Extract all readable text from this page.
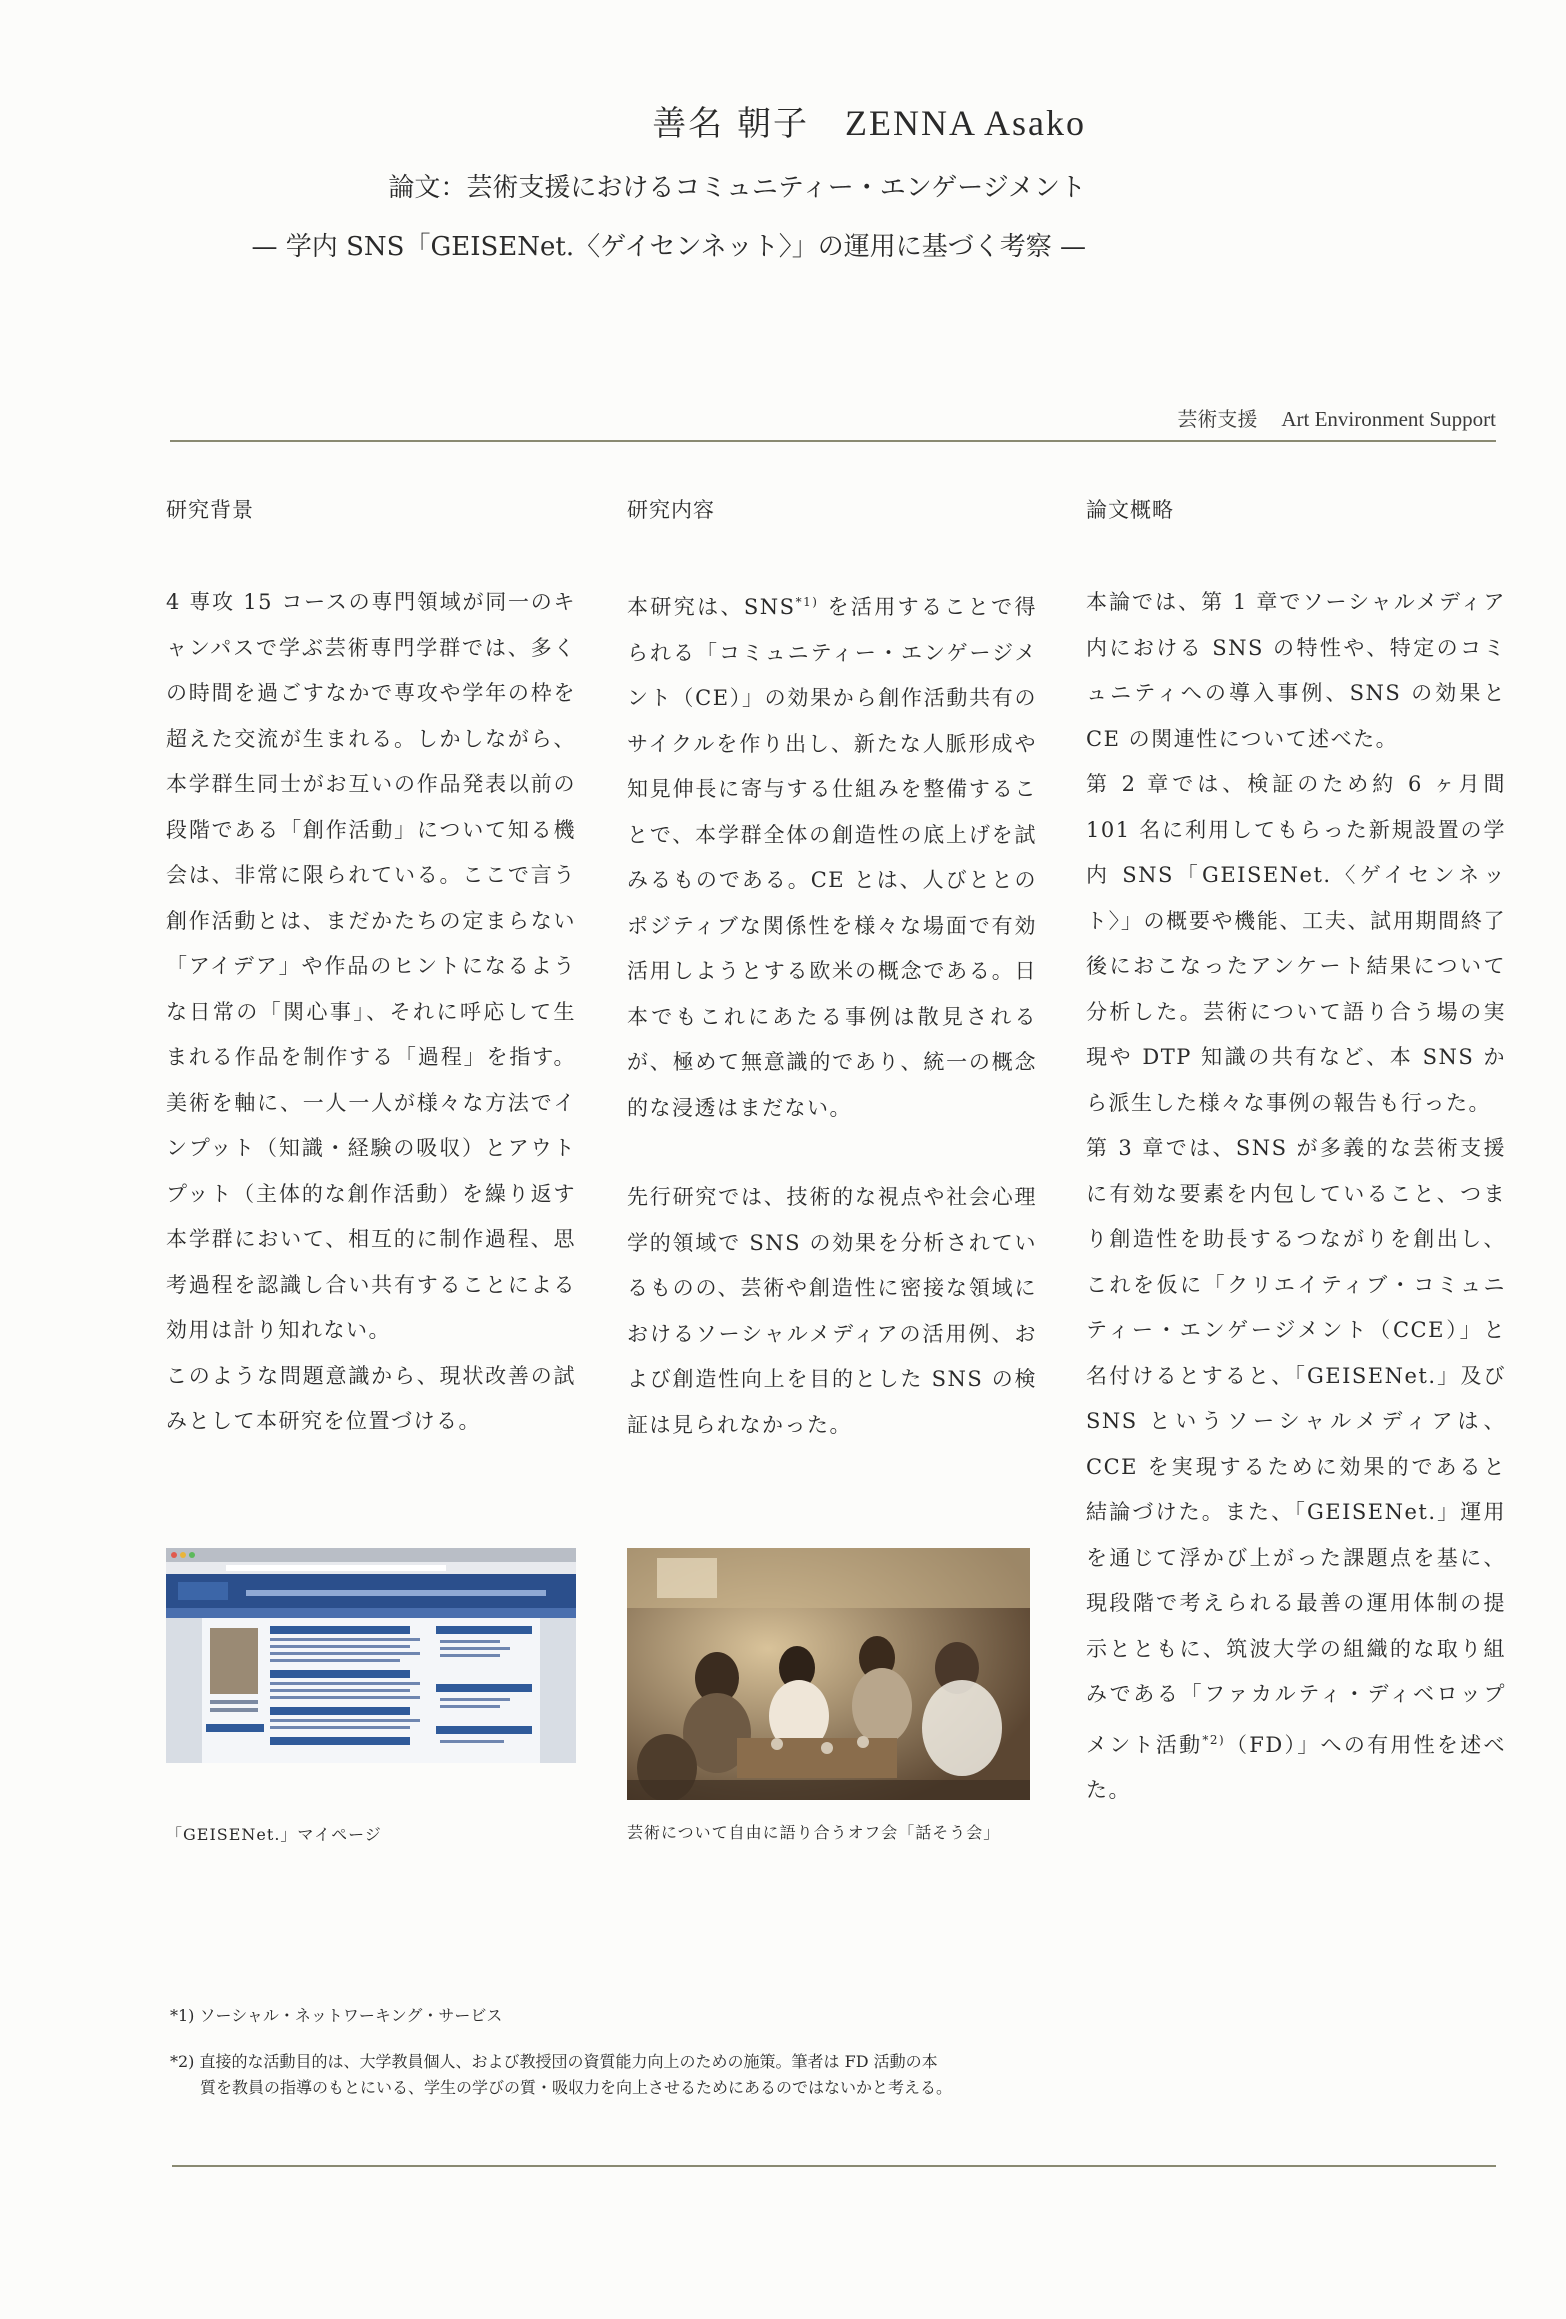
善名 朝子 ZENNA Asako

論文：芸術支援におけるコミュニティー・エンゲージメント
— 学内 SNS「GEISENet.〈ゲイセンネット〉」の運用に基づく考察 —
芸術支援 Art Environment Support
研究背景

4 専攻 15 コースの専門領域が同一のキャンパスで学ぶ芸術専門学群では、多くの時間を過ごすなかで専攻や学年の枠を超えた交流が生まれる。しかしながら、本学群生同士がお互いの作品発表以前の段階である「創作活動」について知る機会は、非常に限られている。ここで言う創作活動とは、まだかたちの定まらない「アイデア」や作品のヒントになるような日常の「関心事」、それに呼応して生まれる作品を制作する「過程」を指す。美術を軸に、一人一人が様々な方法でインプット（知識・経験の吸収）とアウトプット（主体的な創作活動）を繰り返す本学群において、相互的に制作過程、思考過程を認識し合い共有することによる効用は計り知れない。

このような問題意識から、現状改善の試みとして本研究を位置づける。

研究内容

本研究は、SNS$^{*1)}$ を活用することで得られる「コミュニティー・エンゲージメント（CE）」の効果から創作活動共有のサイクルを作り出し、新たな人脈形成や知見伸長に寄与する仕組みを整備することで、本学群全体の創造性の底上げを試みるものである。CE とは、人びととのポジティブな関係性を様々な場面で有効活用しようとする欧米の概念である。日本でもこれにあたる事例は散見されるが、極めて無意識的であり、統一の概念的な浸透はまだない。

先行研究では、技術的な視点や社会心理学的領域で SNS の効果を分析されているものの、芸術や創造性に密接な領域におけるソーシャルメディアの活用例、および創造性向上を目的とした SNS の検証は見られなかった。

論文概略

本論では、第 1 章でソーシャルメディア内における SNS の特性や、特定のコミュニティへの導入事例、SNS の効果と CE の関連性について述べた。

第 2 章では、検証のため約 6 ヶ月間 101 名に利用してもらった新規設置の学内 SNS「GEISENet.〈ゲイセンネット〉」の概要や機能、工夫、試用期間終了後におこなったアンケート結果について分析した。芸術について語り合う場の実現や DTP 知識の共有など、本 SNS から派生した様々な事例の報告も行った。

第 3 章では、SNS が多義的な芸術支援に有効な要素を内包していること、つまり創造性を助長するつながりを創出し、これを仮に「クリエイティブ・コミュニティー・エンゲージメント（CCE）」と名付けるとすると、「GEISENet.」及び SNS というソーシャルメディアは、CCE を実現するために効果的であると結論づけた。また、「GEISENet.」運用を通じて浮かび上がった課題点を基に、現段階で考えられる最善の運用体制の提示とともに、筑波大学の組織的な取り組みである「ファカルティ・ディベロップメント活動$^{*2)}$（FD）」への有用性を述べた。

「GEISENet.」マイページ	芸術について自由に語り合うオフ会「話そう会」

*1) ソーシャル・ネットワーキング・サービス

*2) 直接的な活動目的は、大学教員個人、および教授団の資質能力向上のための施策。筆者は FD 活動の本
質を教員の指導のもとにいる、学生の学びの質・吸収力を向上させるためにあるのではないかと考える。
